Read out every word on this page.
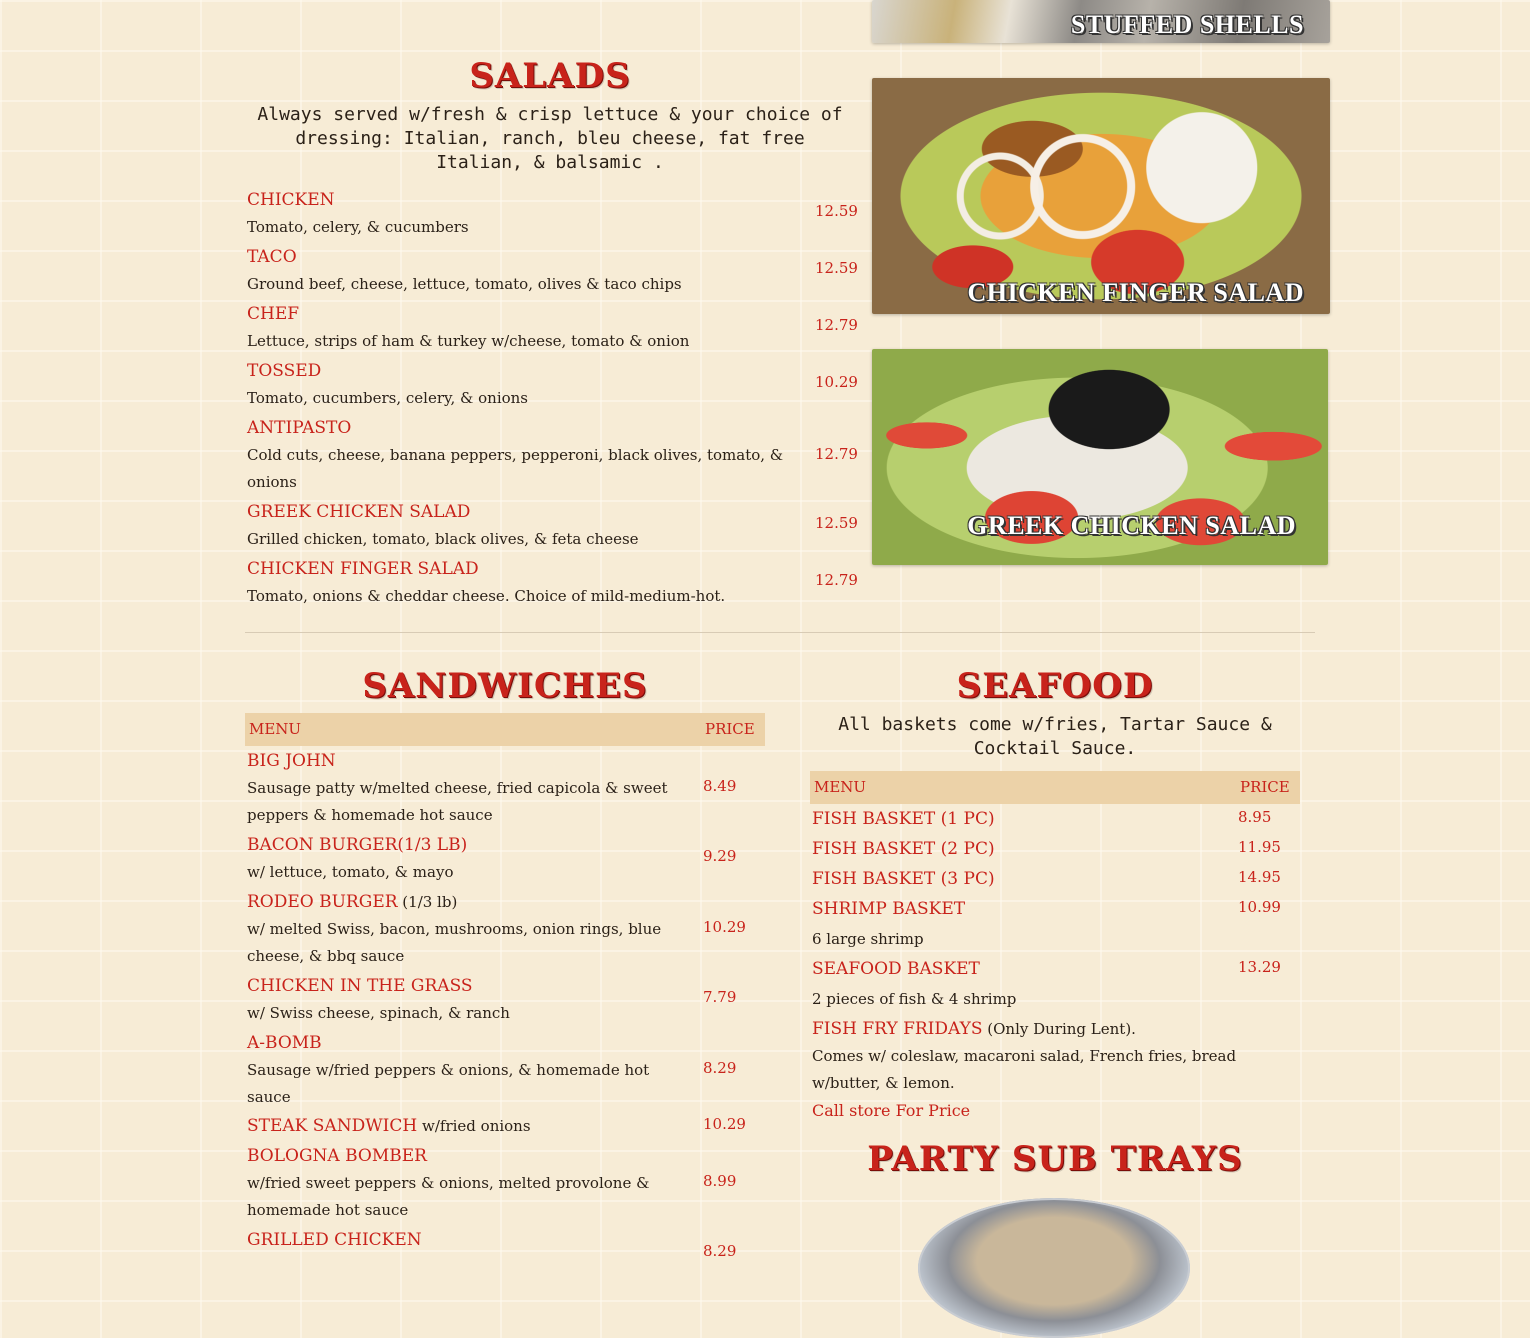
STUFFED SHELLS
CHICKEN FINGER SALAD
GREEK CHICKEN SALAD
SALADS
Always served w/fresh & crisp lettuce & your choice of dressing: Italian, ranch, bleu cheese, fat free Italian, & balsamic .
CHICKEN
Tomato, celery, & cucumbers
12.59
TACO
Ground beef, cheese, lettuce, tomato, olives & taco chips
12.59
CHEF
Lettuce, strips of ham & turkey w/cheese, tomato & onion
12.79
TOSSED
Tomato, cucumbers, celery, & onions
10.29
ANTIPASTO
Cold cuts, cheese, banana peppers, pepperoni, black olives, tomato, & onions
12.79
GREEK CHICKEN SALAD
Grilled chicken, tomato, black olives, & feta cheese
12.59
CHICKEN FINGER SALAD
Tomato, onions & cheddar cheese. Choice of mild-medium-hot.
12.79
SANDWICHES
MENU	PRICE
BIG JOHN
Sausage patty w/melted cheese, fried capicola & sweet peppers & homemade hot sauce
8.49
BACON BURGER(1/3 LB)
w/ lettuce, tomato, & mayo
9.29
RODEO BURGER (1/3 lb)
w/ melted Swiss, bacon, mushrooms, onion rings, blue cheese, & bbq sauce
10.29
CHICKEN IN THE GRASS
w/ Swiss cheese, spinach, & ranch
7.79
A-BOMB
Sausage w/fried peppers & onions, & homemade hot sauce
8.29
STEAK SANDWICH w/fried onions	10.29
BOLOGNA BOMBER
w/fried sweet peppers & onions, melted provolone & homemade hot sauce
8.99
GRILLED CHICKEN
8.29
SEAFOOD
All baskets come w/fries, Tartar Sauce & Cocktail Sauce.
MENU	PRICE
FISH BASKET (1 PC)	8.95
FISH BASKET (2 PC)	11.95
FISH BASKET (3 PC)	14.95
SHRIMP BASKET
6 large shrimp
10.99
SEAFOOD BASKET
2 pieces of fish & 4 shrimp
13.29
FISH FRY FRIDAYS (Only During Lent).
Comes w/ coleslaw, macaroni salad, French fries, bread w/butter, & lemon.
Call store For Price
PARTY SUB TRAYS
